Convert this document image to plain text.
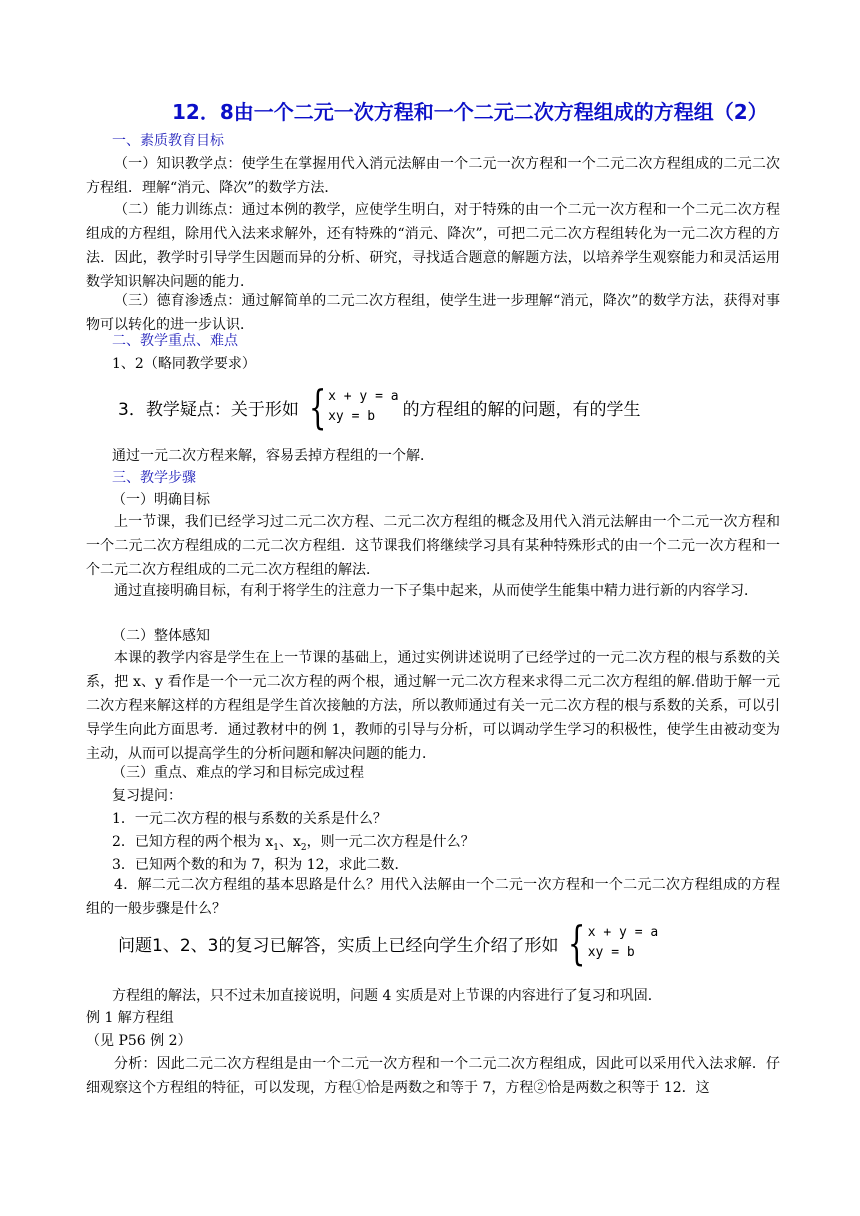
12．8由一个二元一次方程和一个二元二次方程组成的方程组（2）
一、素质教育目标

（一）知识教学点：使学生在掌握用代入消元法解由一个二元一次方程和一个二元二次方程组成的二元二次方程组．理解“消元、降次”的数学方法．

（二）能力训练点：通过本例的教学，应使学生明白，对于特殊的由一个二元一次方程和一个二元二次方程组成的方程组，除用代入法来求解外，还有特殊的“消元、降次”，可把二元二次方程组转化为一元二次方程的方法．因此，教学时引导学生因题而异的分析、研究，寻找适合题意的解题方法，以培养学生观察能力和灵活运用数学知识解决问题的能力．

（三）德育渗透点：通过解简单的二元二次方程组，使学生进一步理解“消元，降次”的数学方法，获得对事物可以转化的进一步认识．

二、教学重点、难点
1、2（略同教学要求）
3．教学疑点：关于形如 { x + y = a
xy = b	的方程组的解的问题，有的学生
通过一元二次方程来解，容易丢掉方程组的一个解．
三、教学步骤
（一）明确目标

上一节课，我们已经学习过二元二次方程、二元二次方程组的概念及用代入消元法解由一个二元一次方程和一个二元二次方程组成的二元二次方程组．这节课我们将继续学习具有某种特殊形式的由一个二元一次方程和一个二元二次方程组成的二元二次方程组的解法．

通过直接明确目标，有利于将学生的注意力一下子集中起来，从而使学生能集中精力进行新的内容学习．

（二）整体感知

本课的教学内容是学生在上一节课的基础上，通过实例讲述说明了已经学过的一元二次方程的根与系数的关系，把 x、y 看作是一个一元二次方程的两个根，通过解一元二次方程来求得二元二次方程组的解.借助于解一元二次方程来解这样的方程组是学生首次接触的方法，所以教师通过有关一元二次方程的根与系数的关系，可以引导学生向此方面思考．通过教材中的例 1，教师的引导与分析，可以调动学生学习的积极性，使学生由被动变为主动，从而可以提高学生的分析问题和解决问题的能力．

（三）重点、难点的学习和目标完成过程
复习提问：
1．一元二次方程的根与系数的关系是什么？
2．已知方程的两个根为 $x_1$、$x_2$，则一元二次方程是什么？
3．已知两个数的和为 7，积为 12，求此二数．

4．解二元二次方程组的基本思路是什么？用代入法解由一个二元一次方程和一个二元二次方程组成的方程组的一般步骤是什么？

问题1、2、3的复习已解答，实质上已经向学生介绍了形如 { x + y = a
xy = b
方程组的解法，只不过未加直接说明，问题 4 实质是对上节课的内容进行了复习和巩固．
例 1 解方程组
（见 P56 例 2）

分析：因此二元二次方程组是由一个二元一次方程和一个二元二次方程组成，因此可以采用代入法求解．仔细观察这个方程组的特征，可以发现，方程①恰是两数之和等于 7，方程②恰是两数之积等于 12．这
